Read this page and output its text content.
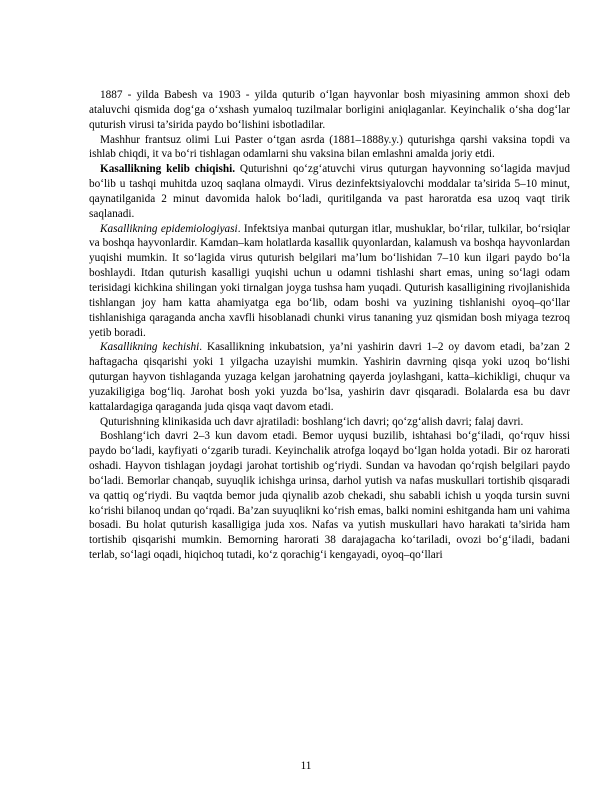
1887 - yilda Babesh va 1903 - yilda quturib o‘lgan hayvonlar bosh miyasining ammon shoxi deb ataluvchi qismida dog‘ga o‘xshash yumaloq tuzilmalar borligini aniqlaganlar. Keyinchalik o‘sha dog‘lar quturish virusi ta’sirida paydo bo‘lishini isbotladilar.

Mashhur frantsuz olimi Lui Paster o‘tgan asrda (1881–1888y.y.) quturishga qarshi vaksina topdi va ishlab chiqdi, it va bo‘ri tishlagan odamlarni shu vaksina bilan emlashni amalda joriy etdi.

Kasallikning kelib chiqishi. Quturishni qo‘zg‘atuvchi virus quturgan hayvonning so‘lagida mavjud bo‘lib u tashqi muhitda uzoq saqlana olmaydi. Virus dezinfektsiyalovchi moddalar ta’sirida 5–10 minut, qaynatilganida 2 minut davomida halok bo‘ladi, quritilganda va past haroratda esa uzoq vaqt tirik saqlanadi.

Kasallikning epidemiologiyasi. Infektsiya manbai quturgan itlar, mushuklar, bo‘rilar, tulkilar, bo‘rsiqlar va boshqa hayvonlardir. Kamdan–kam holatlarda kasallik quyonlardan, kalamush va boshqa hayvonlardan yuqishi mumkin. It so‘lagida virus quturish belgilari ma’lum bo‘lishidan 7–10 kun ilgari paydo bo‘la boshlaydi. Itdan quturish kasalligi yuqishi uchun u odamni tishlashi shart emas, uning so‘lagi odam terisidagi kichkina shilingan yoki tirnalgan joyga tushsa ham yuqadi. Quturish kasalligining rivojlanishida tishlangan joy ham katta ahamiyatga ega bo‘lib, odam boshi va yuzining tishlanishi oyoq–qo‘llar tishlanishiga qaraganda ancha xavfli hisoblanadi chunki virus tananing yuz qismidan bosh miyaga tezroq yetib boradi.

Kasallikning kechishi. Kasallikning inkubatsion, ya’ni yashirin davri 1–2 oy davom etadi, ba’zan 2 haftagacha qisqarishi yoki 1 yilgacha uzayishi mumkin. Yashirin davrning qisqa yoki uzoq bo‘lishi quturgan hayvon tishlaganda yuzaga kelgan jarohatning qayerda joylashgani, katta–kichikligi, chuqur va yuzakiligiga bog‘liq. Jarohat bosh yoki yuzda bo‘lsa, yashirin davr qisqaradi. Bolalarda esa bu davr kattalardagiga qaraganda juda qisqa vaqt davom etadi.

Quturishning klinikasida uch davr ajratiladi: boshlang‘ich davri; qo‘zg‘alish davri; falaj davri.

Boshlang‘ich davri 2–3 kun davom etadi. Bemor uyqusi buzilib, ishtahasi bo‘g‘iladi, qo‘rquv hissi paydo bo‘ladi, kayfiyati o‘zgarib turadi. Keyinchalik atrofga loqayd bo‘lgan holda yotadi. Bir oz harorati oshadi. Hayvon tishlagan joydagi jarohat tortishib og‘riydi. Sundan va havodan qo‘rqish belgilari paydo bo‘ladi. Bemorlar chanqab, suyuqlik ichishga urinsa, darhol yutish va nafas muskullari tortishib qisqaradi va qattiq og‘riydi. Bu vaqtda bemor juda qiynalib azob chekadi, shu sababli ichish u yoqda tursin suvni ko‘rishi bilanoq undan qo‘rqadi. Ba’zan suyuqlikni ko‘rish emas, balki nomini eshitganda ham uni vahima bosadi. Bu holat quturish kasalligiga juda xos. Nafas va yutish muskullari havo harakati ta’sirida ham tortishib qisqarishi mumkin. Bemorning harorati 38 darajagacha ko‘tariladi, ovozi bo‘g‘iladi, badani terlab, so‘lagi oqadi, hiqichoq tutadi, ko‘z qorachig‘i kengayadi, oyoq–qo‘llari

11
